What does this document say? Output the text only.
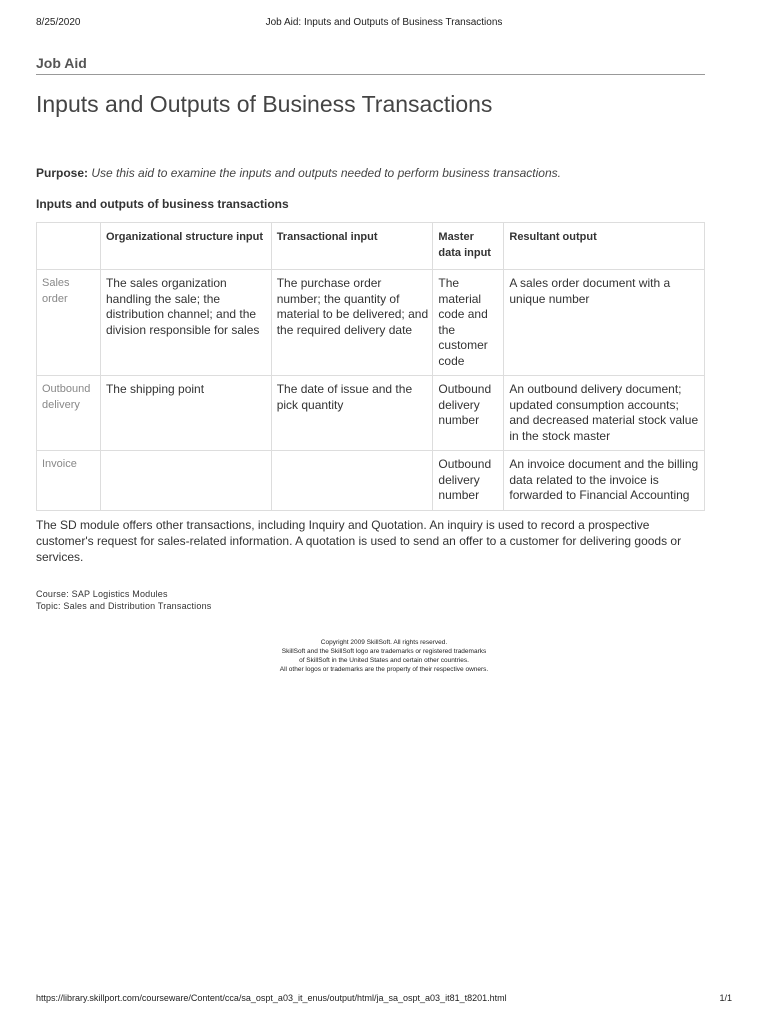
8/25/2020	Job Aid: Inputs and Outputs of Business Transactions
Job Aid
Inputs and Outputs of Business Transactions
Purpose: Use this aid to examine the inputs and outputs needed to perform business transactions.
Inputs and outputs of business transactions
	Organizational structure input	Transactional input	Master data input	Resultant output
Sales order	The sales organization handling the sale; the distribution channel; and the division responsible for sales	The purchase order number; the quantity of material to be delivered; and the required delivery date	The material code and the customer code	A sales order document with a unique number
Outbound delivery	The shipping point	The date of issue and the pick quantity	Outbound delivery number	An outbound delivery document; updated consumption accounts; and decreased material stock value in the stock master
Invoice			Outbound delivery number	An invoice document and the billing data related to the invoice is forwarded to Financial Accounting
The SD module offers other transactions, including Inquiry and Quotation. An inquiry is used to record a prospective customer's request for sales-related information. A quotation is used to send an offer to a customer for delivering goods or services.
Course: SAP Logistics Modules
Topic: Sales and Distribution Transactions
Copyright 2009 SkillSoft. All rights reserved.
SkillSoft and the SkillSoft logo are trademarks or registered trademarks
of SkillSoft in the United States and certain other countries.
All other logos or trademarks are the property of their respective owners.
https://library.skillport.com/courseware/Content/cca/sa_ospt_a03_it_enus/output/html/ja_sa_ospt_a03_it81_t8201.html	1/1
